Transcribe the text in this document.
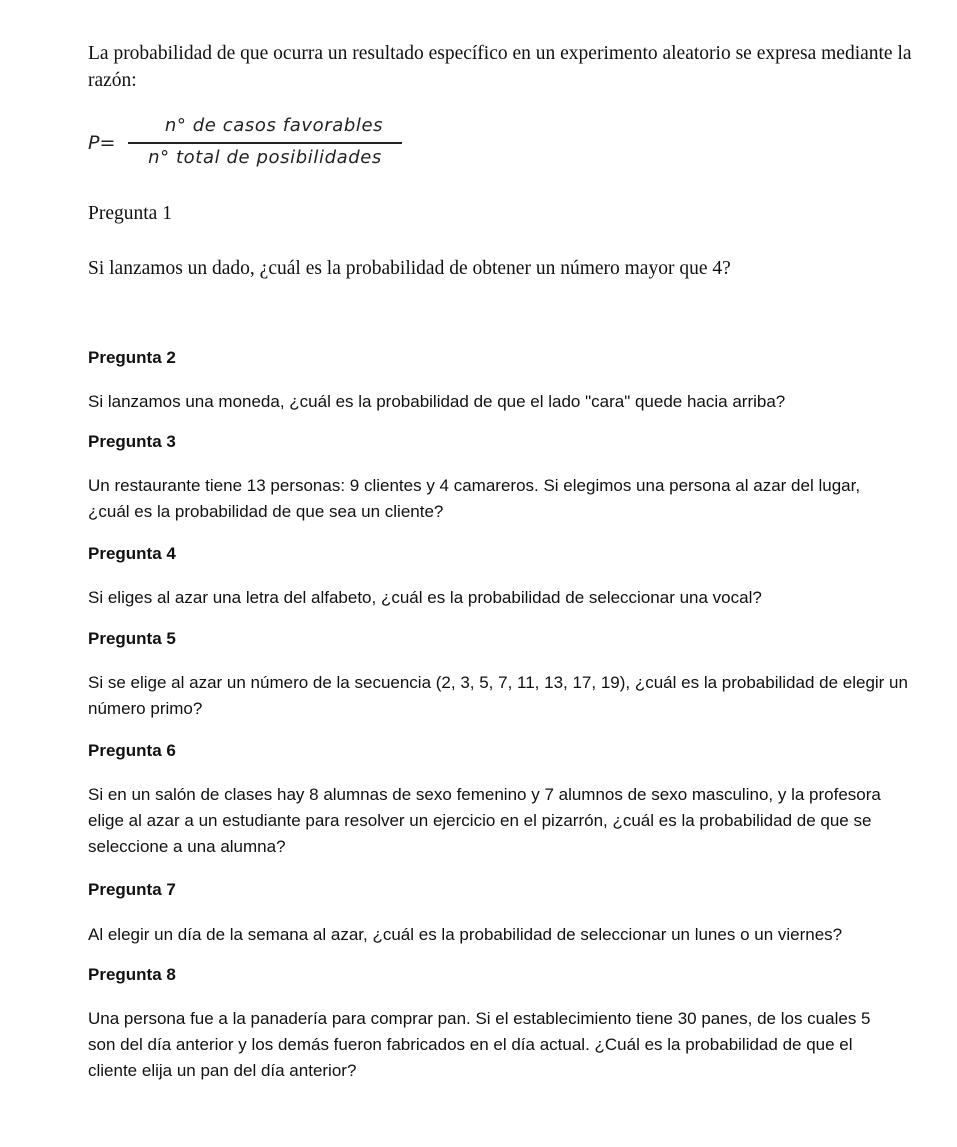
La probabilidad de que ocurra un resultado específico en un experimento aleatorio se expresa mediante la razón:

P=
n° de casos favorables
n° total de posibilidades

Pregunta 1

Si lanzamos un dado, ¿cuál es la probabilidad de obtener un número mayor que 4?

Pregunta 2

Si lanzamos una moneda, ¿cuál es la probabilidad de que el lado "cara" quede hacia arriba?

Pregunta 3

Un restaurante tiene 13 personas: 9 clientes y 4 camareros. Si elegimos una persona al azar del lugar, ¿cuál es la probabilidad de que sea un cliente?

Pregunta 4

Si eliges al azar una letra del alfabeto, ¿cuál es la probabilidad de seleccionar una vocal?

Pregunta 5

Si se elige al azar un número de la secuencia (2, 3, 5, 7, 11, 13, 17, 19), ¿cuál es la probabilidad de elegir un número primo?

Pregunta 6

Si en un salón de clases hay 8 alumnas de sexo femenino y 7 alumnos de sexo masculino, y la profesora elige al azar a un estudiante para resolver un ejercicio en el pizarrón, ¿cuál es la probabilidad de que se seleccione a una alumna?

Pregunta 7

Al elegir un día de la semana al azar, ¿cuál es la probabilidad de seleccionar un lunes o un viernes?

Pregunta 8

Una persona fue a la panadería para comprar pan. Si el establecimiento tiene 30 panes, de los cuales 5 son del día anterior y los demás fueron fabricados en el día actual. ¿Cuál es la probabilidad de que el cliente elija un pan del día anterior?
